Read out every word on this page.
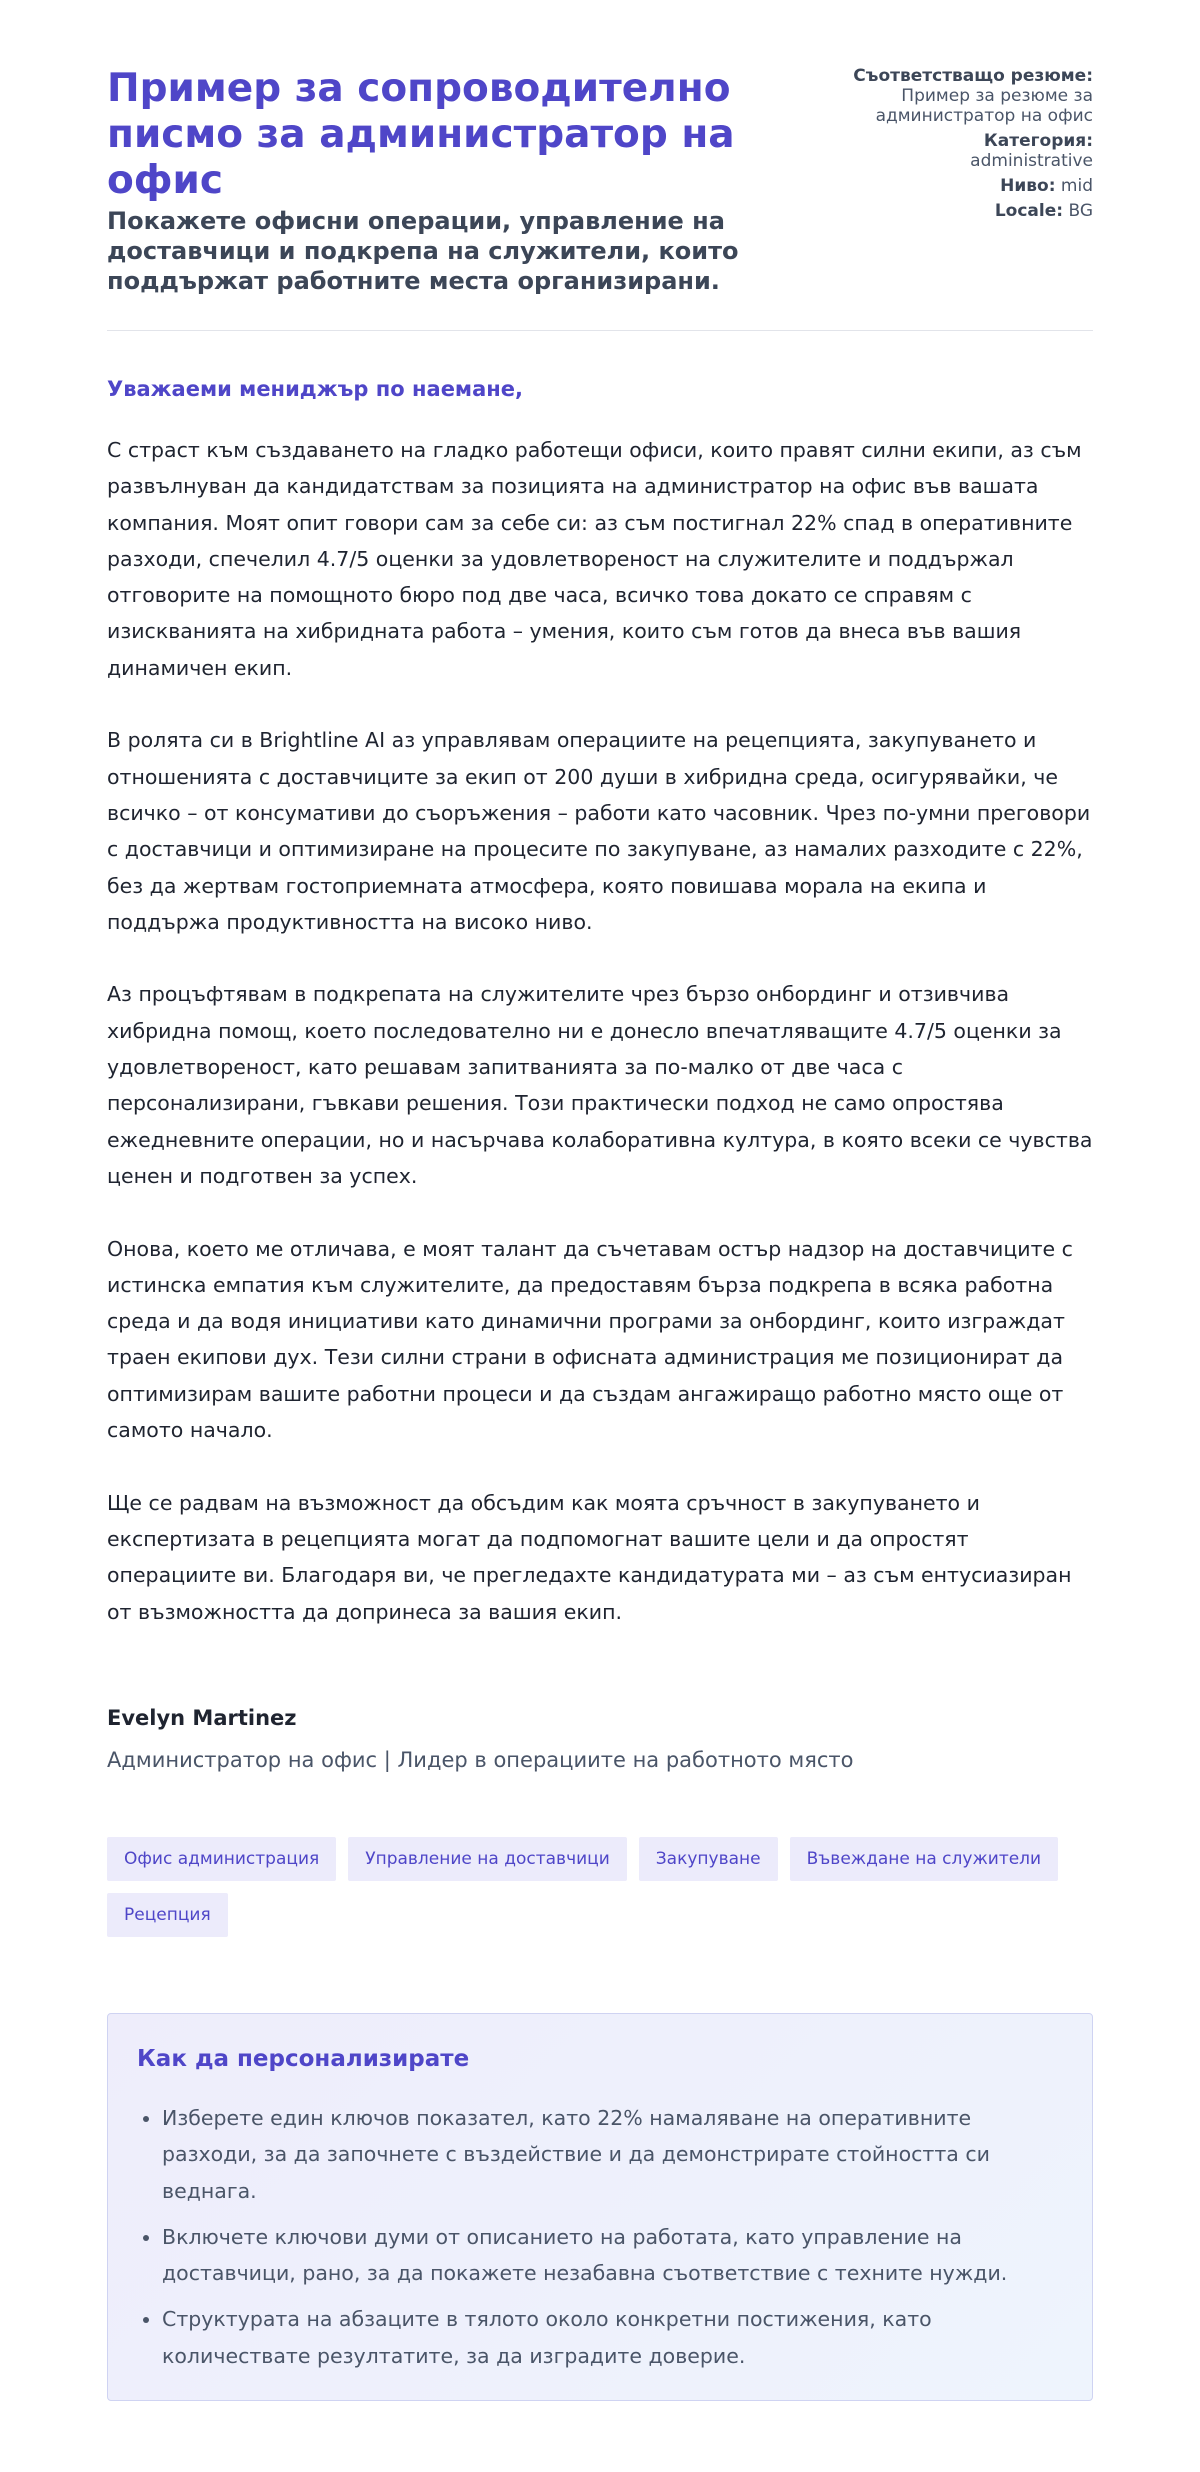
Пример за сопроводително писмо за администратор на офис
Покажете офисни операции, управление на доставчици и подкрепа на служители, които поддържат работните места организирани.
Съответстващо резюме: Пример за резюме за администратор на офис
Категория:
administrative
Ниво: mid
Locale: BG
Уважаеми мениджър по наемане,

С страст към създаването на гладко работещи офиси, които правят силни екипи, аз съм развълнуван да кандидатствам за позицията на администратор на офис във вашата компания. Моят опит говори сам за себе си: аз съм постигнал 22% спад в оперативните разходи, спечелил 4.7/5 оценки за удовлетвореност на служителите и поддържал отговорите на помощното бюро под две часа, всичко това докато се справям с изискванията на хибридната работа – умения, които съм готов да внеса във вашия динамичен екип.

В ролята си в Brightline AI аз управлявам операциите на рецепцията, закупуването и отношенията с доставчиците за екип от 200 души в хибридна среда, осигурявайки, че всичко – от консумативи до съоръжения – работи като часовник. Чрез по-умни преговори с доставчици и оптимизиране на процесите по закупуване, аз намалих разходите с 22%, без да жертвам гостоприемната атмосфера, която повишава морала на екипа и поддържа продуктивността на високо ниво.

Аз процъфтявам в подкрепата на служителите чрез бързо онбординг и отзивчива хибридна помощ, което последователно ни е донесло впечатляващите 4.7/5 оценки за удовлетвореност, като решавам запитванията за по-малко от две часа с персонализирани, гъвкави решения. Този практически подход не само опростява ежедневните операции, но и насърчава колаборативна култура, в която всеки се чувства ценен и подготвен за успех.

Онова, което ме отличава, е моят талант да съчетавам остър надзор на доставчиците с истинска емпатия към служителите, да предоставям бърза подкрепа в всяка работна среда и да водя инициативи като динамични програми за онбординг, които изграждат траен екипови дух. Тези силни страни в офисната администрация ме позиционират да оптимизирам вашите работни процеси и да създам ангажиращо работно място още от самото начало.

Ще се радвам на възможност да обсъдим как моята сръчност в закупуването и експертизата в рецепцията могат да подпомогнат вашите цели и да опростят операциите ви. Благодаря ви, че прегледахте кандидатурата ми – аз съм ентусиазиран от възможността да допринеса за вашия екип.

Evelyn Martinez

Администратор на офис | Лидер в операциите на работното място

Офис администрация	Управление на доставчици	Закупуване	Въвеждане на служители
Рецепция
Как да персонализирате
• Изберете един ключов показател, като 22% намаляване на оперативните разходи, за да започнете с въздействие и да демонстрирате стойността си веднага.
• Включете ключови думи от описанието на работата, като управление на доставчици, рано, за да покажете незабавна съответствие с техните нужди.
• Структурата на абзаците в тялото около конкретни постижения, като количествате резултатите, за да изградите доверие.
